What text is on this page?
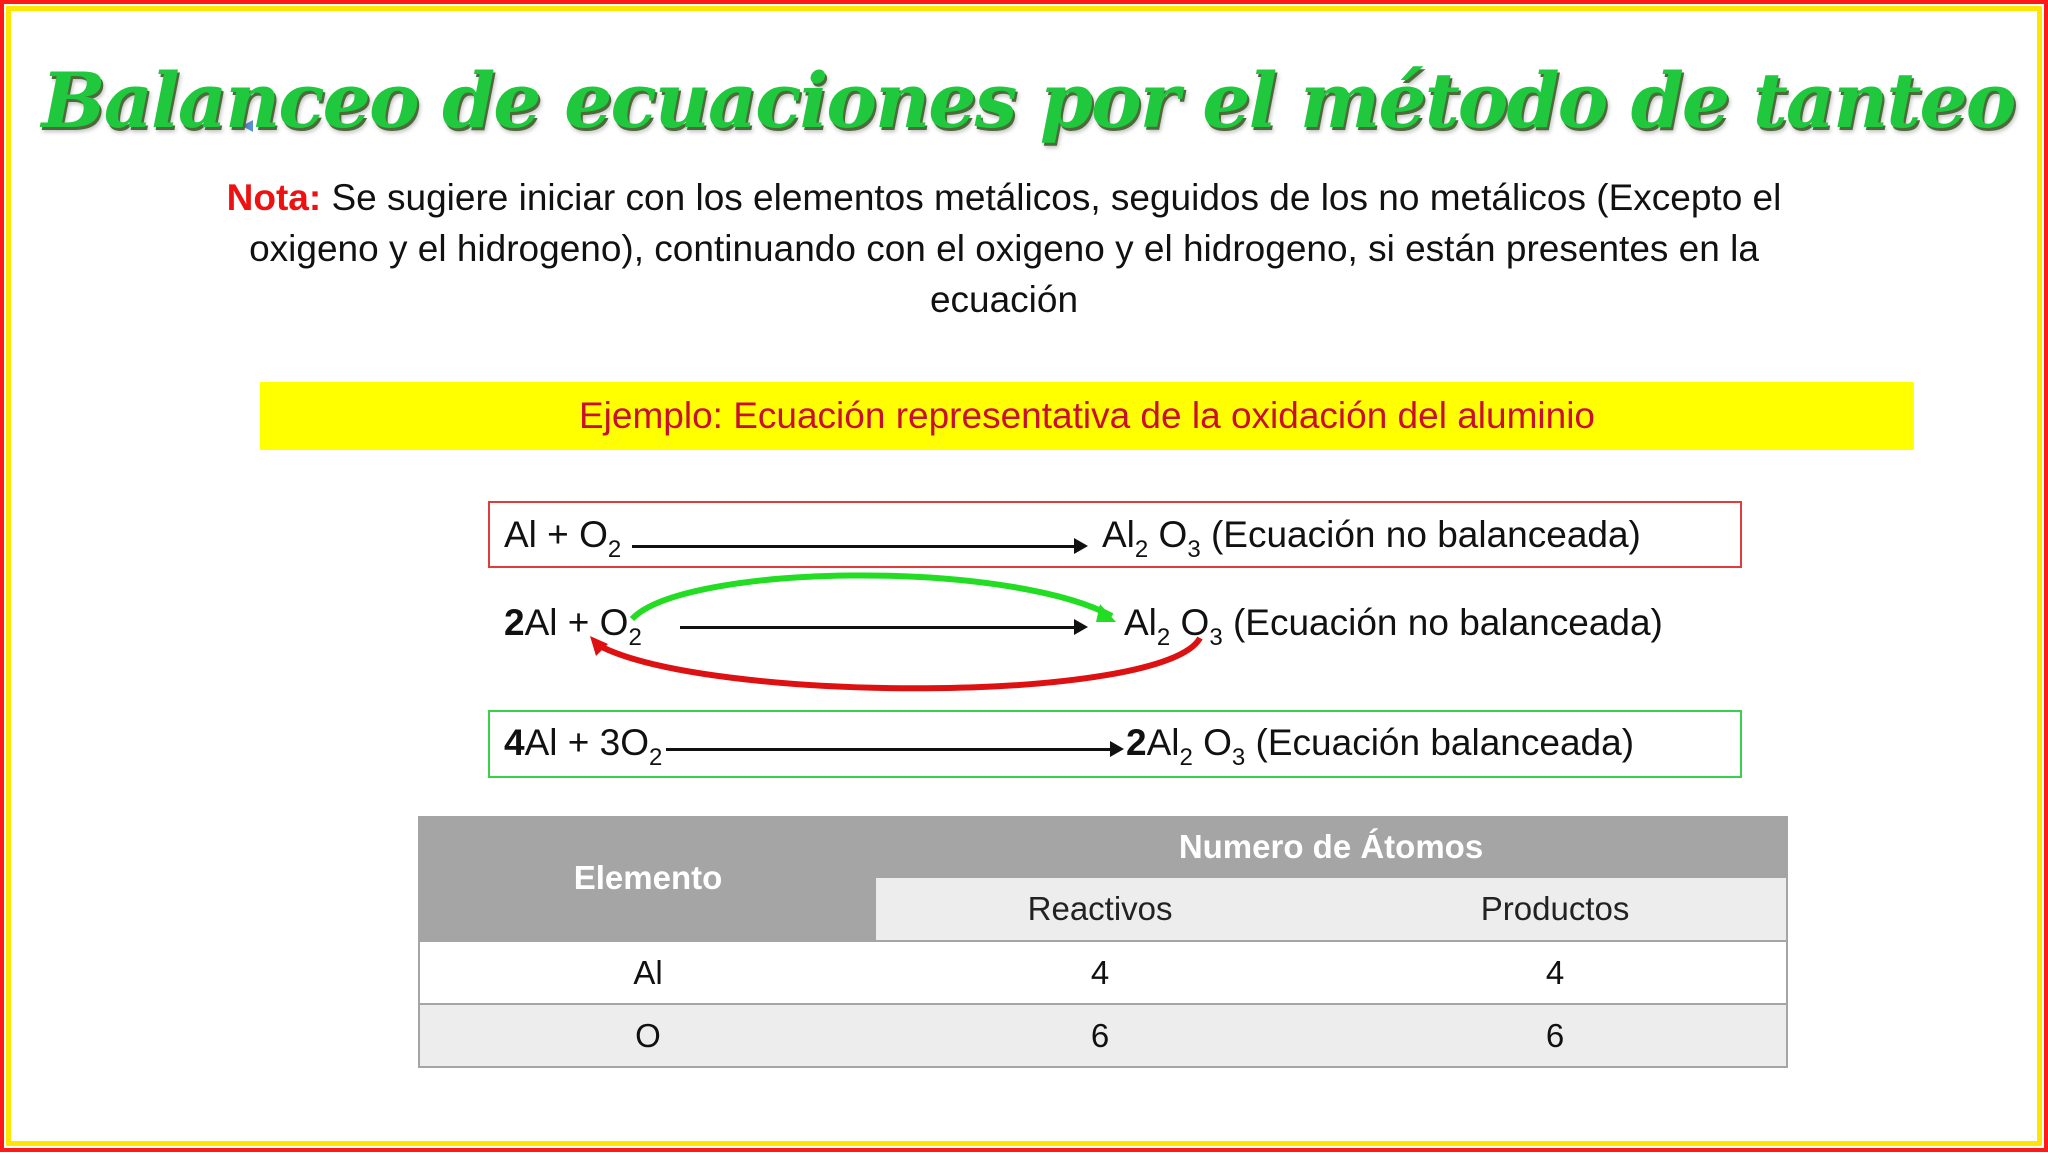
Balanceo de ecuaciones por el método de tanteo
Nota: Se sugiere iniciar con los elementos metálicos, seguidos de los no metálicos (Excepto el oxigeno y el hidrogeno), continuando con el oxigeno y el hidrogeno, si están presentes en la ecuación
Ejemplo: Ecuación representativa de la oxidación del aluminio
$Al + O_2$	$Al_2$ $O_3$ (Ecuación no balanceada)
$2Al + O_2$	$Al_2$ $O_3$ (Ecuación no balanceada)
$4Al + 3O_2$	$2Al_2$ $O_3$ (Ecuación balanceada)
Elemento	Numero de Átomos	
	Reactivos	Productos
Al	4	4
O	6	6
